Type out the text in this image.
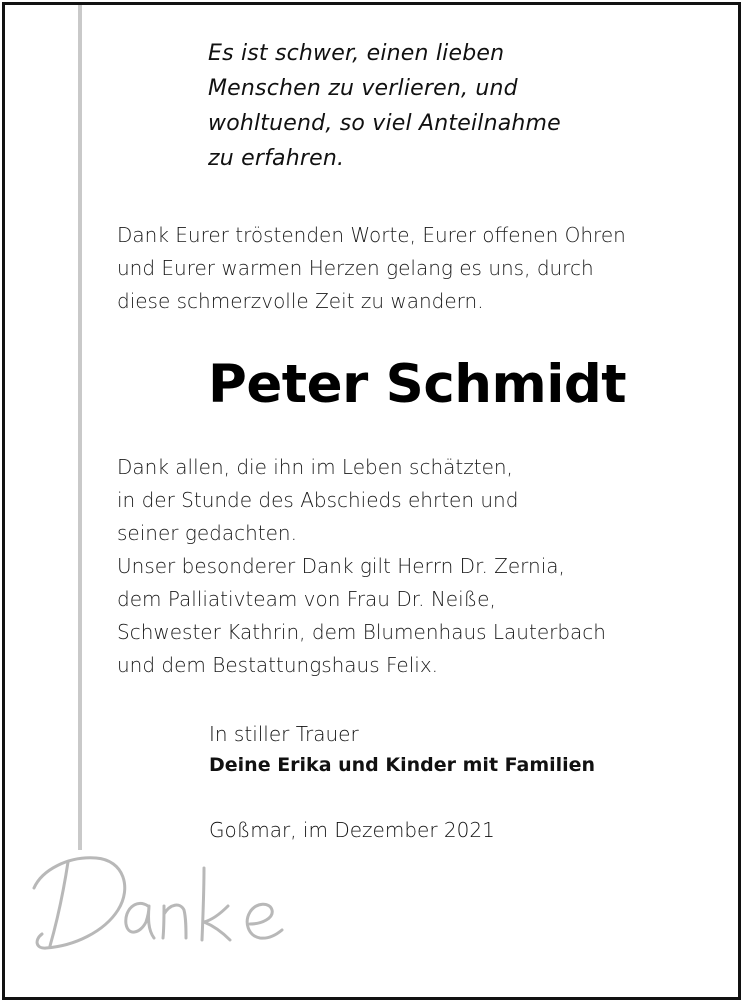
Es ist schwer, einen lieben
Menschen zu verlieren, und
wohltuend, so viel Anteilnahme
zu erfahren.
Dank Eurer tröstenden Worte, Eurer offenen Ohren
und Eurer warmen Herzen gelang es uns, durch
diese schmerzvolle Zeit zu wandern.
Peter Schmidt
Dank allen, die ihn im Leben schätzten,
in der Stunde des Abschieds ehrten und
seiner gedachten.
Unser besonderer Dank gilt Herrn Dr. Zernia,
dem Palliativteam von Frau Dr. Neiße,
Schwester Kathrin, dem Blumenhaus Lauterbach
und dem Bestattungshaus Felix.
In stiller Trauer
Deine Erika und Kinder mit Familien
Goßmar, im Dezember 2021
